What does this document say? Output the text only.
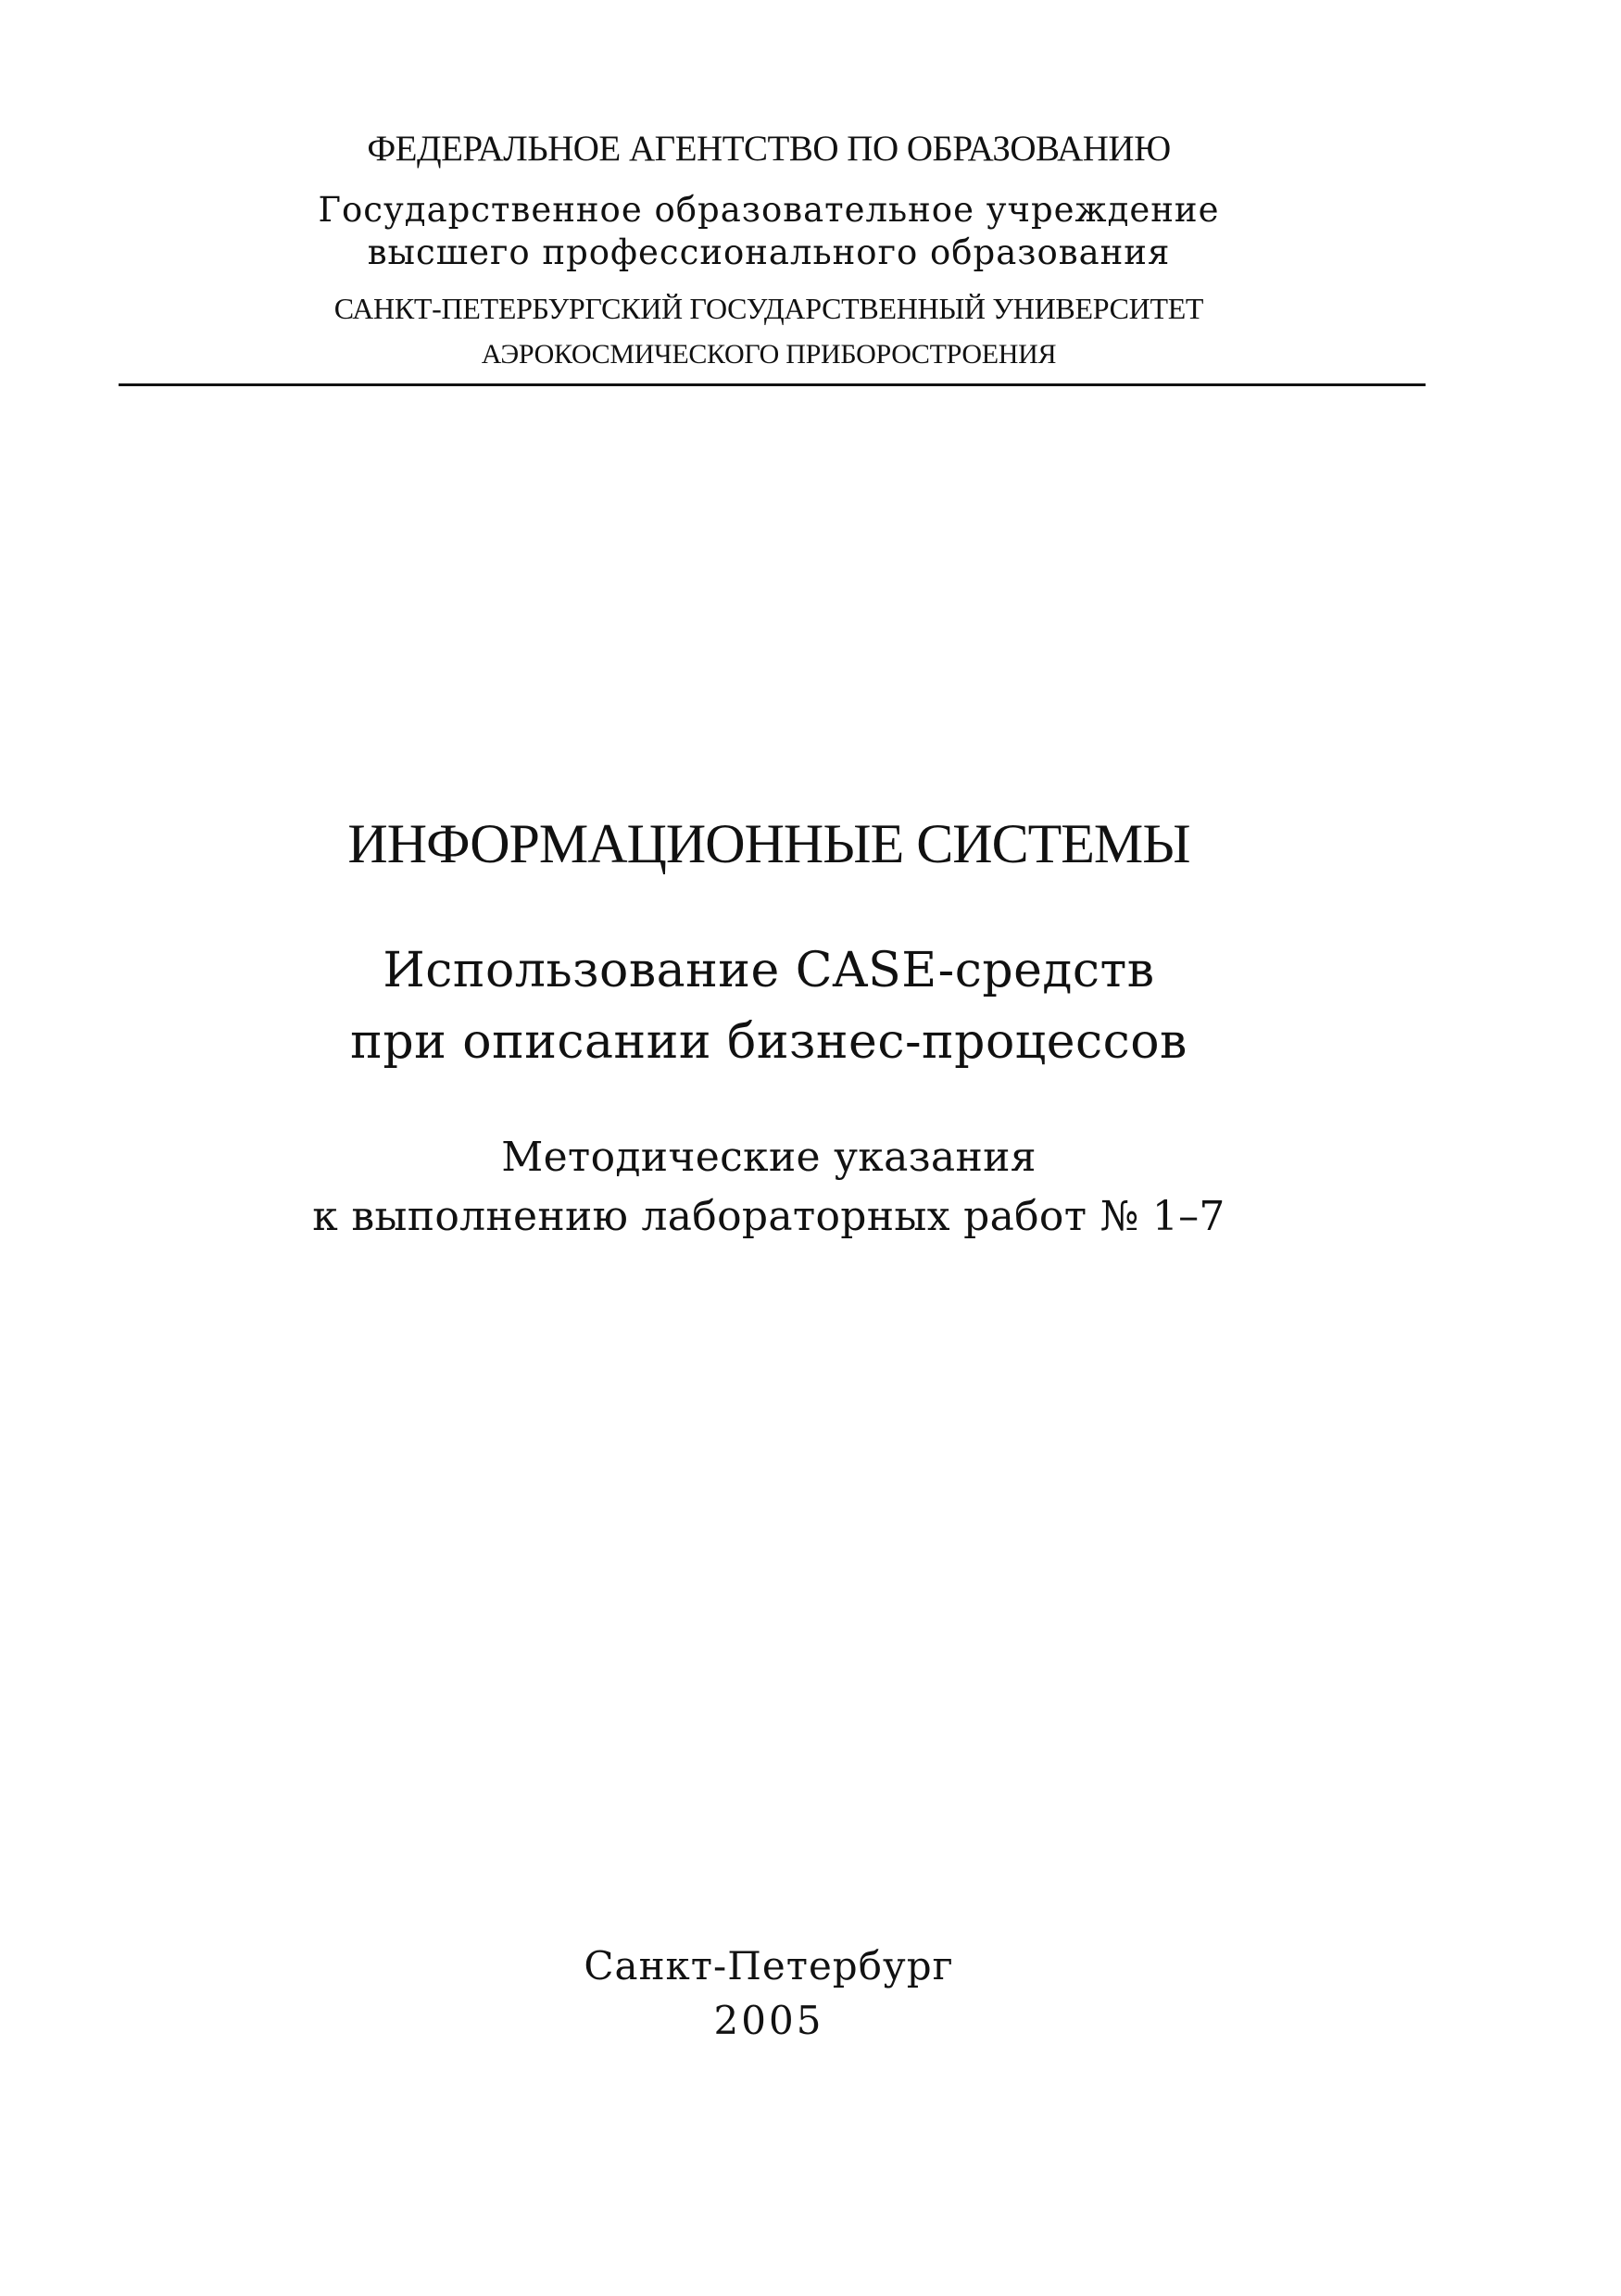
ФЕДЕРАЛЬНОЕ АГЕНТСТВО ПО ОБРАЗОВАНИЮ
Государственное образовательное учреждение
высшего профессионального образования
САНКТ-ПЕТЕРБУРГСКИЙ ГОСУДАРСТВЕННЫЙ УНИВЕРСИТЕТ
АЭРОКОСМИЧЕСКОГО ПРИБОРОСТРОЕНИЯ
ИНФОРМАЦИОННЫЕ СИСТЕМЫ
Использование CASE-средств
при описании бизнес-процессов
Методические указания
к выполнению лабораторных работ № 1–7
Санкт-Петербург
2005
